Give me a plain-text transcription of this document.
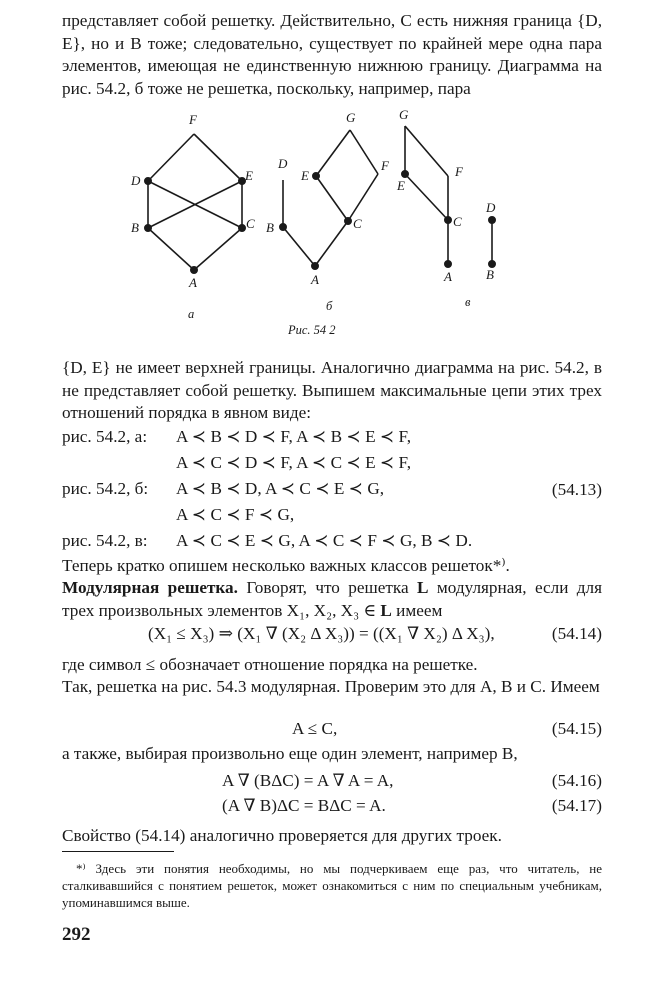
представляет собой решетку. Действительно, C есть нижняя граница {D, E}, но и B тоже; следовательно, существует по крайней мере одна пара элементов, имеющая не единственную нижнюю границу. Диаграмма на рис. 54.2, б тоже не решетка, поскольку, например, пара
F
D	E
B	C
A
а
G
E
F
D
B	C
A
б
G
E
F
C
A
D
B
в
Рис. 54 2
{D, E} не имеет верхней границы. Аналогично диаграмма на рис. 54.2, в не представляет собой решетку. Выпишем максимальные цепи этих трех отношений порядка в явном виде:
рис. 54.2, а: A ≺ B ≺ D ≺ F, A ≺ B ≺ E ≺ F,
A ≺ C ≺ D ≺ F, A ≺ C ≺ E ≺ F,
рис. 54.2, б: A ≺ B ≺ D, A ≺ C ≺ E ≺ G,	(54.13)
A ≺ C ≺ F ≺ G,
рис. 54.2, в: A ≺ C ≺ E ≺ G, A ≺ C ≺ F ≺ G, B ≺ D.
Теперь кратко опишем несколько важных классов решеток*⁾.
Модулярная решетка. Говорят, что решетка L модулярная, если для трех произвольных элементов X₁, X₂, X₃ ∈ L имеем
(X₁ ≤ X₃) ⇒ (X₁ ∇ (X₂ Δ X₃)) = ((X₁ ∇ X₂) Δ X₃),	(54.14)
где символ ≤ обозначает отношение порядка на решетке.
Так, решетка на рис. 54.3 модулярная. Проверим это для A, B и C. Имеем
A ≤ C,	(54.15)
а также, выбирая произвольно еще один элемент, например B,
A ∇ (BΔC) = A ∇ A = A,	(54.16)
(A ∇ B)ΔC = BΔC = A.	(54.17)
Свойство (54.14) аналогично проверяется для других троек.
*⁾ Здесь эти понятия необходимы, но мы подчеркиваем еще раз, что читатель, не сталкивавшийся с понятием решеток, может ознакомиться с ним по специальным учебникам, упоминавшимся выше.
292
